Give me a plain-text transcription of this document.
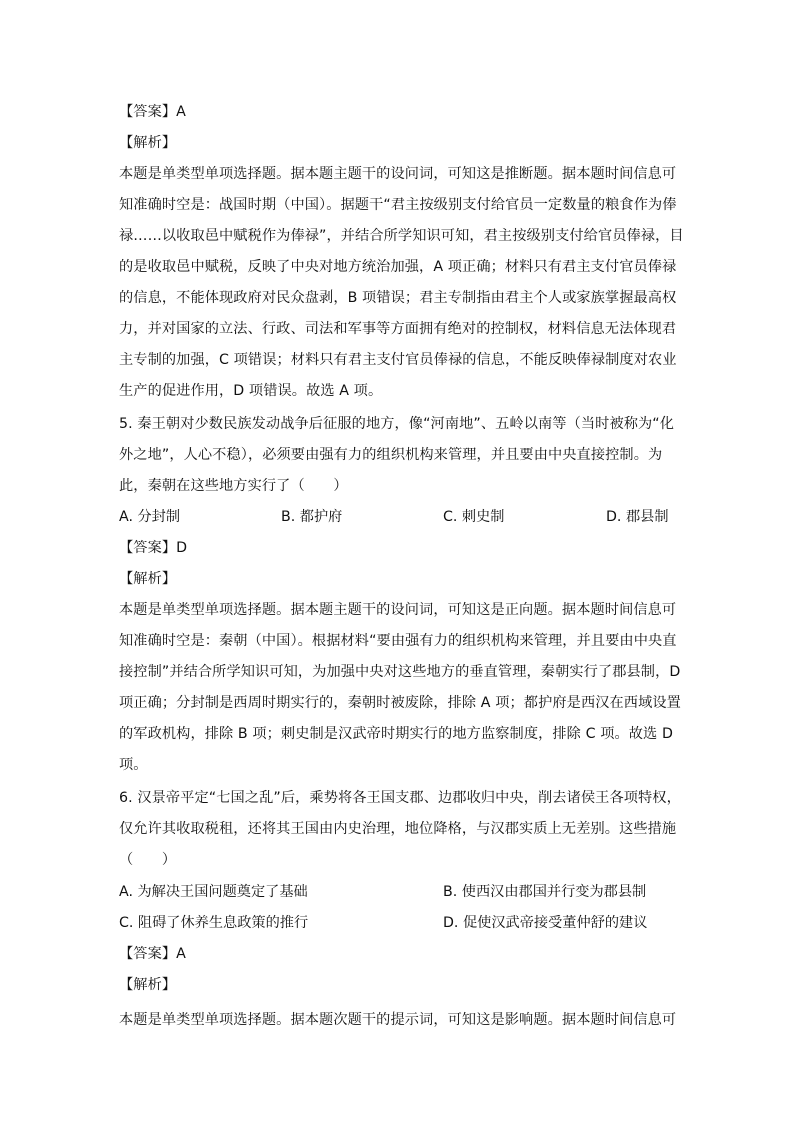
【答案】A
【解析】
本题是单类型单项选择题。据本题主题干的设问词，可知这是推断题。据本题时间信息可
知准确时空是：战国时期（中国）。据题干“君主按级别支付给官员一定数量的粮食作为俸
禄……以收取邑中赋税作为俸禄”，并结合所学知识可知，君主按级别支付给官员俸禄，目
的是收取邑中赋税，反映了中央对地方统治加强，A 项正确；材料只有君主支付官员俸禄
的信息，不能体现政府对民众盘剥，B 项错误；君主专制指由君主个人或家族掌握最高权
力，并对国家的立法、行政、司法和军事等方面拥有绝对的控制权，材料信息无法体现君
主专制的加强，C 项错误；材料只有君主支付官员俸禄的信息，不能反映俸禄制度对农业
生产的促进作用，D 项错误。故选 A 项。
5. 秦王朝对少数民族发动战争后征服的地方，像“河南地”、五岭以南等（当时被称为“化
外之地”，人心不稳），必须要由强有力的组织机构来管理，并且要由中央直接控制。为
此，秦朝在这些地方实行了（　　）
A. 分封制	B. 都护府	C. 刺史制	D. 郡县制
【答案】D
【解析】
本题是单类型单项选择题。据本题主题干的设问词，可知这是正向题。据本题时间信息可
知准确时空是：秦朝（中国）。根据材料“要由强有力的组织机构来管理，并且要由中央直
接控制”并结合所学知识可知，为加强中央对这些地方的垂直管理，秦朝实行了郡县制，D
项正确；分封制是西周时期实行的，秦朝时被废除，排除 A 项；都护府是西汉在西域设置
的军政机构，排除 B 项；刺史制是汉武帝时期实行的地方监察制度，排除 C 项。故选 D
项。
6. 汉景帝平定“七国之乱”后，乘势将各王国支郡、边郡收归中央，削去诸侯王各项特权，
仅允许其收取税租，还将其王国由内史治理，地位降格，与汉郡实质上无差别。这些措施
（　　）
A. 为解决王国问题奠定了基础	B. 使西汉由郡国并行变为郡县制
C. 阻碍了休养生息政策的推行	D. 促使汉武帝接受董仲舒的建议
【答案】A
【解析】
本题是单类型单项选择题。据本题次题干的提示词，可知这是影响题。据本题时间信息可
